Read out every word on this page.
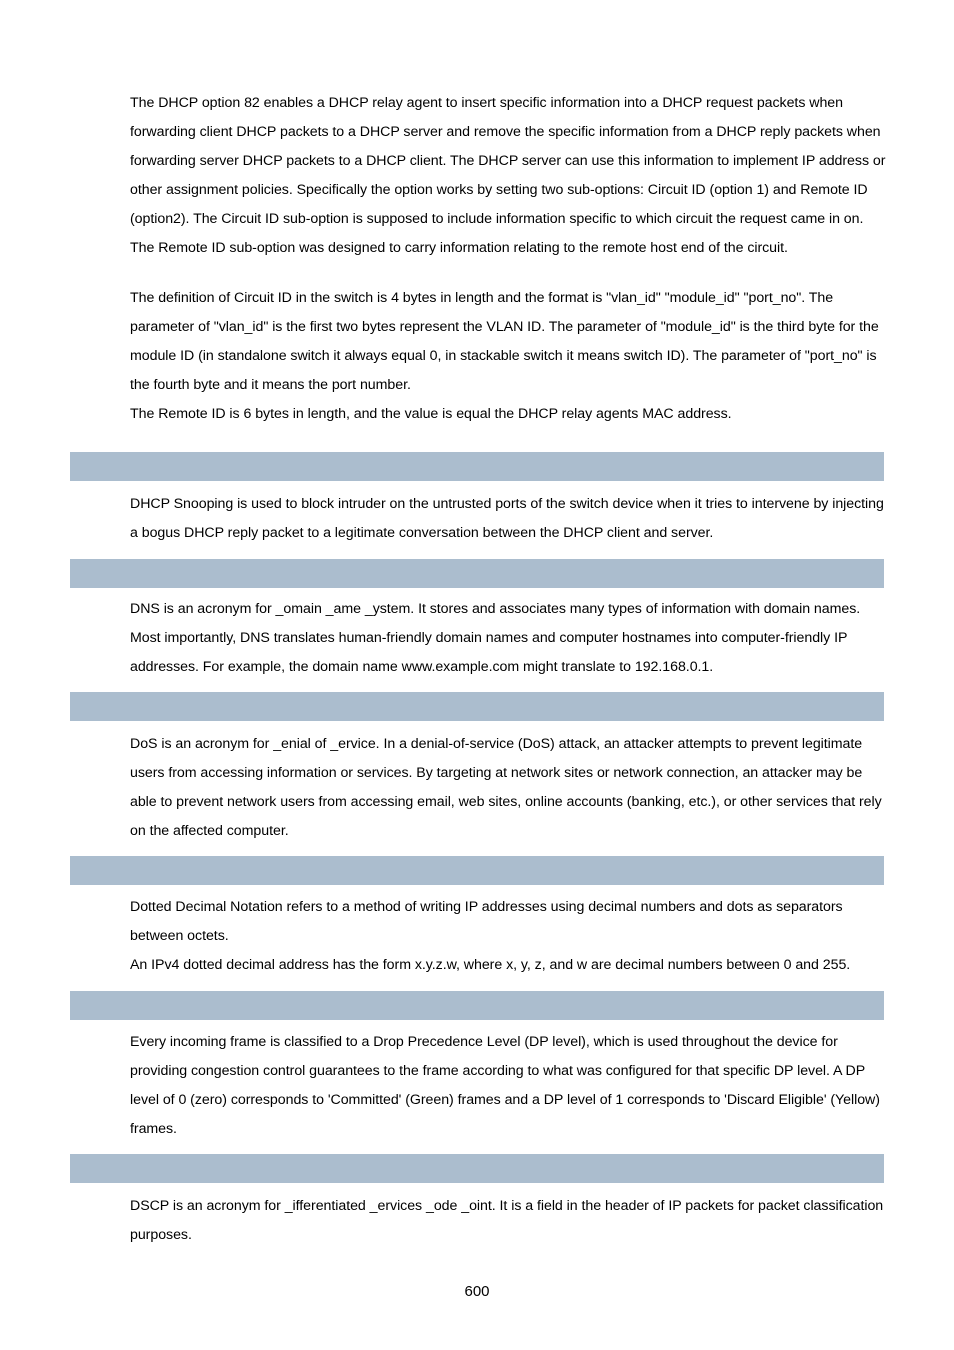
The DHCP option 82 enables a DHCP relay agent to insert specific information into a DHCP request packets when forwarding client DHCP packets to a DHCP server and remove the specific information from a DHCP reply packets when forwarding server DHCP packets to a DHCP client. The DHCP server can use this information to implement IP address or other assignment policies. Specifically the option works by setting two sub-options: Circuit ID (option 1) and Remote ID (option2). The Circuit ID sub-option is supposed to include information specific to which circuit the request came in on. The Remote ID sub-option was designed to carry information relating to the remote host end of the circuit.

The definition of Circuit ID in the switch is 4 bytes in length and the format is "vlan_id" "module_id" "port_no". The parameter of "vlan_id" is the first two bytes represent the VLAN ID. The parameter of "module_id" is the third byte for the module ID (in standalone switch it always equal 0, in stackable switch it means switch ID). The parameter of "port_no" is the fourth byte and it means the port number.

The Remote ID is 6 bytes in length, and the value is equal the DHCP relay agents MAC address.

DHCP Snooping is used to block intruder on the untrusted ports of the switch device when it tries to intervene by injecting a bogus DHCP reply packet to a legitimate conversation between the DHCP client and server.

DNS is an acronym for _omain _ame _ystem. It stores and associates many types of information with domain names. Most importantly, DNS translates human-friendly domain names and computer hostnames into computer-friendly IP addresses. For example, the domain name www.example.com might translate to 192.168.0.1.

DoS is an acronym for _enial of _ervice. In a denial-of-service (DoS) attack, an attacker attempts to prevent legitimate users from accessing information or services. By targeting at network sites or network connection, an attacker may be able to prevent network users from accessing email, web sites, online accounts (banking, etc.), or other services that rely on the affected computer.

Dotted Decimal Notation refers to a method of writing IP addresses using decimal numbers and dots as separators between octets.

An IPv4 dotted decimal address has the form x.y.z.w, where x, y, z, and w are decimal numbers between 0 and 255.

Every incoming frame is classified to a Drop Precedence Level (DP level), which is used throughout the device for providing congestion control guarantees to the frame according to what was configured for that specific DP level. A DP level of 0 (zero) corresponds to 'Committed' (Green) frames and a DP level of 1 corresponds to 'Discard Eligible' (Yellow) frames.

DSCP is an acronym for _ifferentiated _ervices _ode _oint. It is a field in the header of IP packets for packet classification purposes.

600
